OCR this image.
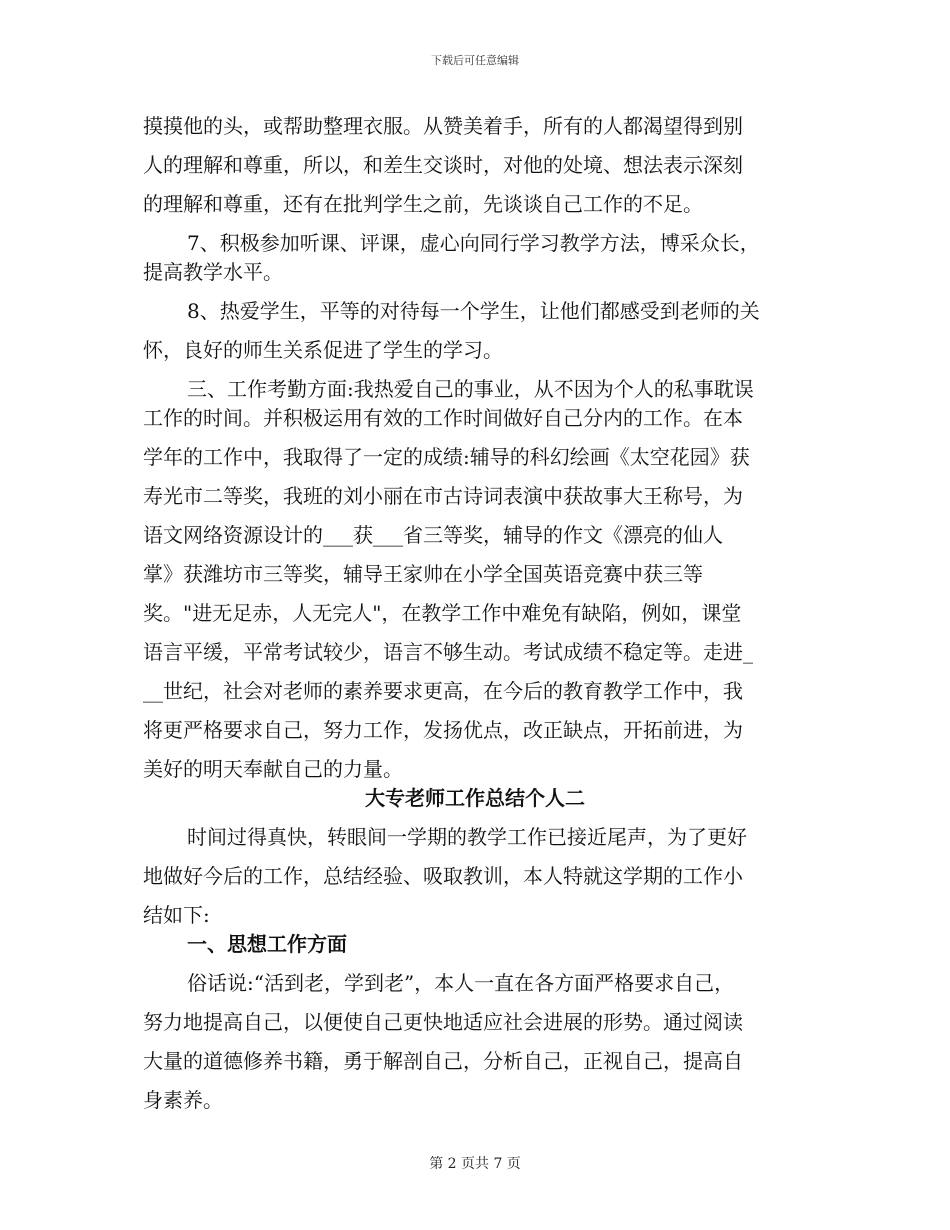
下载后可任意编辑
摸摸他的头，或帮助整理衣服。从赞美着手，所有的人都渴望得到别
人的理解和尊重，所以，和差生交谈时，对他的处境、想法表示深刻
的理解和尊重，还有在批判学生之前，先谈谈自己工作的不足。
7、积极参加听课、评课，虚心向同行学习教学方法，博采众长，
提高教学水平。
8、热爱学生，平等的对待每一个学生，让他们都感受到老师的关
怀，良好的师生关系促进了学生的学习。
三、工作考勤方面:我热爱自己的事业，从不因为个人的私事耽误
工作的时间。并积极运用有效的工作时间做好自己分内的工作。在本
学年的工作中，我取得了一定的成绩:辅导的科幻绘画《太空花园》获
寿光市二等奖，我班的刘小丽在市古诗词表演中获故事大王称号，为
语文网络资源设计的___获___省三等奖，辅导的作文《漂亮的仙人
掌》获潍坊市三等奖，辅导王家帅在小学全国英语竞赛中获三等
奖。"进无足赤，人无完人"，在教学工作中难免有缺陷，例如，课堂
语言平缓，平常考试较少，语言不够生动。考试成绩不稳定等。走进_
__世纪，社会对老师的素养要求更高，在今后的教育教学工作中，我
将更严格要求自己，努力工作，发扬优点，改正缺点，开拓前进，为
美好的明天奉献自己的力量。
大专老师工作总结个人二
时间过得真快，转眼间一学期的教学工作已接近尾声，为了更好
地做好今后的工作，总结经验、吸取教训，本人特就这学期的工作小
结如下:
一、思想工作方面
俗话说:“活到老，学到老”，本人一直在各方面严格要求自己，
努力地提高自己，以便使自己更快地适应社会进展的形势。通过阅读
大量的道德修养书籍，勇于解剖自己，分析自己，正视自己，提高自
身素养。
第 2 页共 7 页
